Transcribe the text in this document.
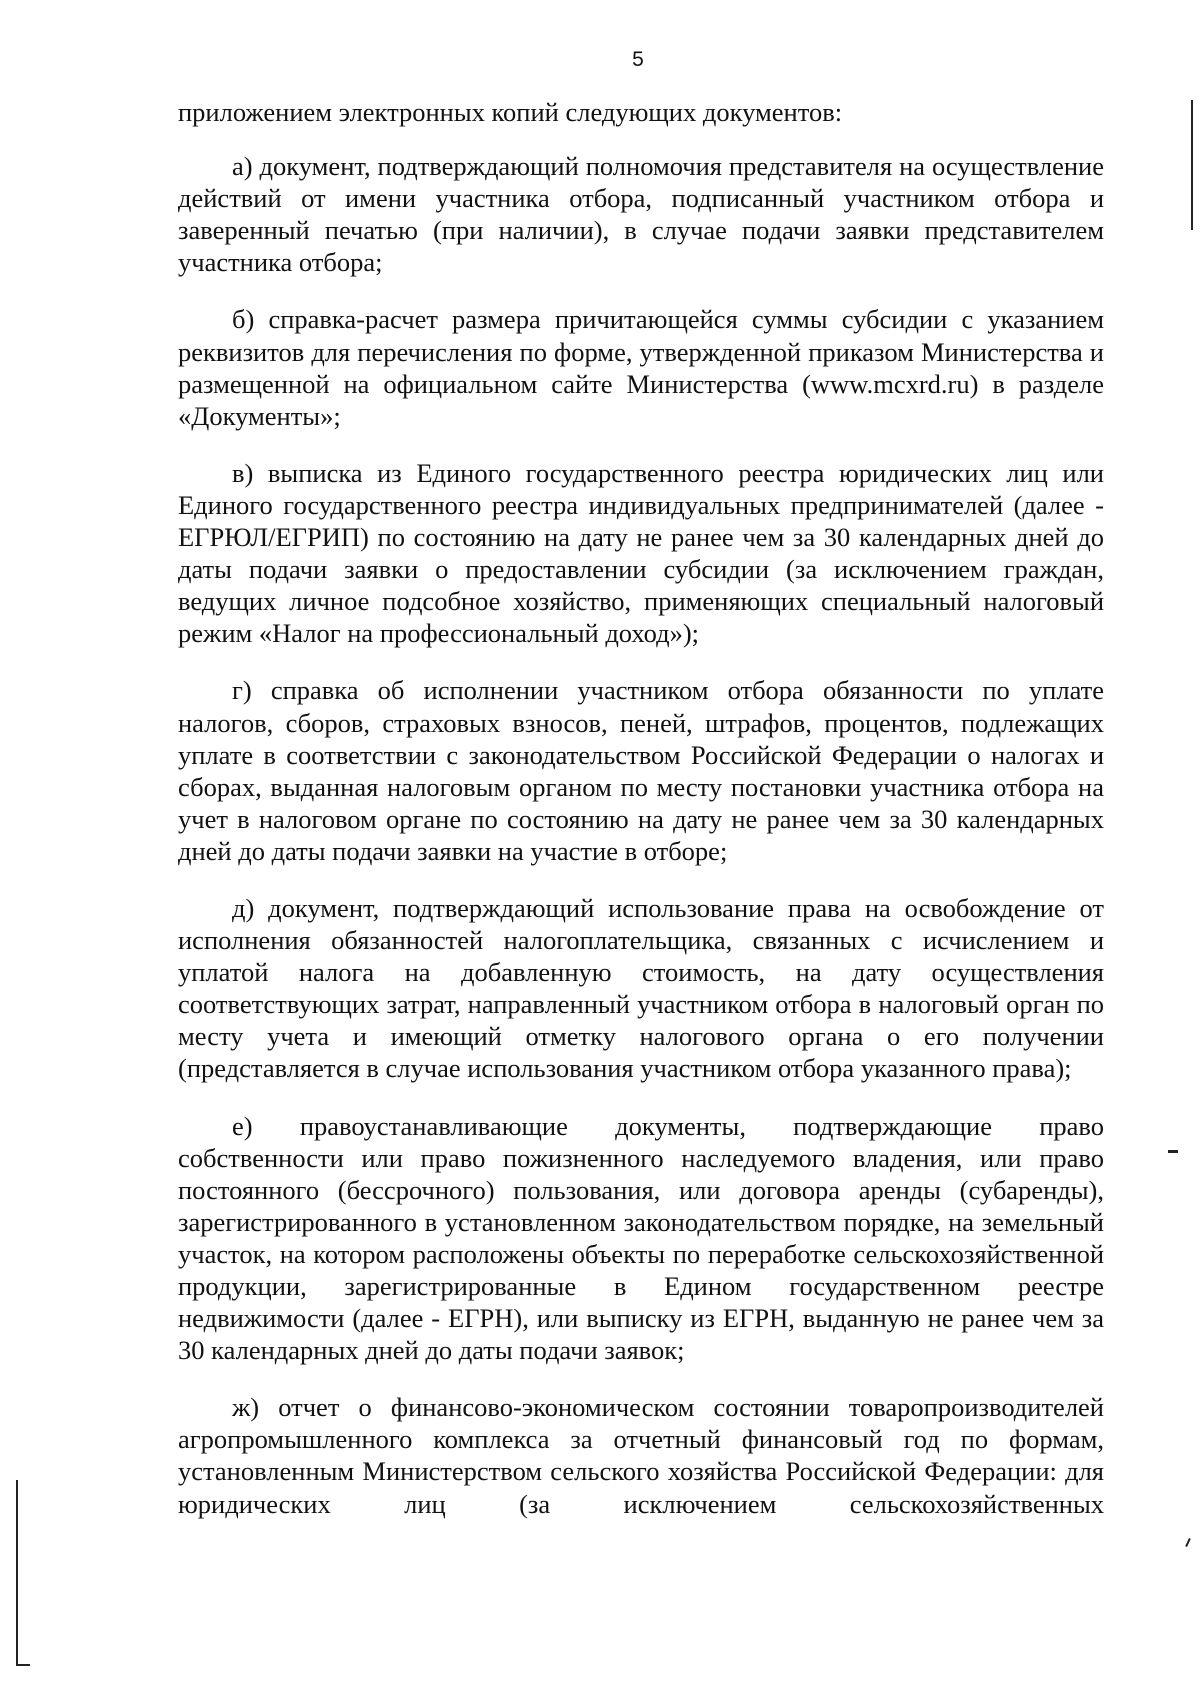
5

приложением электронных копий следующих документов:

а) документ, подтверждающий полномочия представителя на осуществление действий от имени участника отбора, подписанный участником отбора и заверенный печатью (при наличии), в случае подачи заявки представителем участника отбора;

б) справка-расчет размера причитающейся суммы субсидии с указанием реквизитов для перечисления по форме, утвержденной приказом Министерства и размещенной на официальном сайте Министерства (www.mcxrd.ru) в разделе «Документы»;

в) выписка из Единого государственного реестра юридических лиц или Единого государственного реестра индивидуальных предпринимателей (далее - ЕГРЮЛ/ЕГРИП) по состоянию на дату не ранее чем за 30 календарных дней до даты подачи заявки о предоставлении субсидии (за исключением граждан, ведущих личное подсобное хозяйство, применяющих специальный налоговый режим «Налог на профессиональный доход»);

г) справка об исполнении участником отбора обязанности по уплате налогов, сборов, страховых взносов, пеней, штрафов, процентов, подлежащих уплате в соответствии с законодательством Российской Федерации о налогах и сборах, выданная налоговым органом по месту постановки участника отбора на учет в налоговом органе по состоянию на дату не ранее чем за 30 календарных дней до даты подачи заявки на участие в отборе;

д) документ, подтверждающий использование права на освобождение от исполнения обязанностей налогоплательщика, связанных с исчислением и уплатой налога на добавленную стоимость, на дату осуществления соответствующих затрат, направленный участником отбора в налоговый орган по месту учета и имеющий отметку налогового органа о его получении (представляется в случае использования участником отбора указанного права);

е) правоустанавливающие документы, подтверждающие право собственности или право пожизненного наследуемого владения, или право постоянного (бессрочного) пользования, или договора аренды (субаренды), зарегистрированного в установленном законодательством порядке, на земельный участок, на котором расположены объекты по переработке сельскохозяйственной продукции, зарегистрированные в Едином государственном реестре недвижимости (далее - ЕГРН), или выписку из ЕГРН, выданную не ранее чем за 30 календарных дней до даты подачи заявок;

ж) отчет о финансово-экономическом состоянии товаропроизводителей агропромышленного комплекса за отчетный финансовый год по формам, установленным Министерством сельского хозяйства Российской Федерации: для юридических лиц (за исключением сельскохозяйственных
